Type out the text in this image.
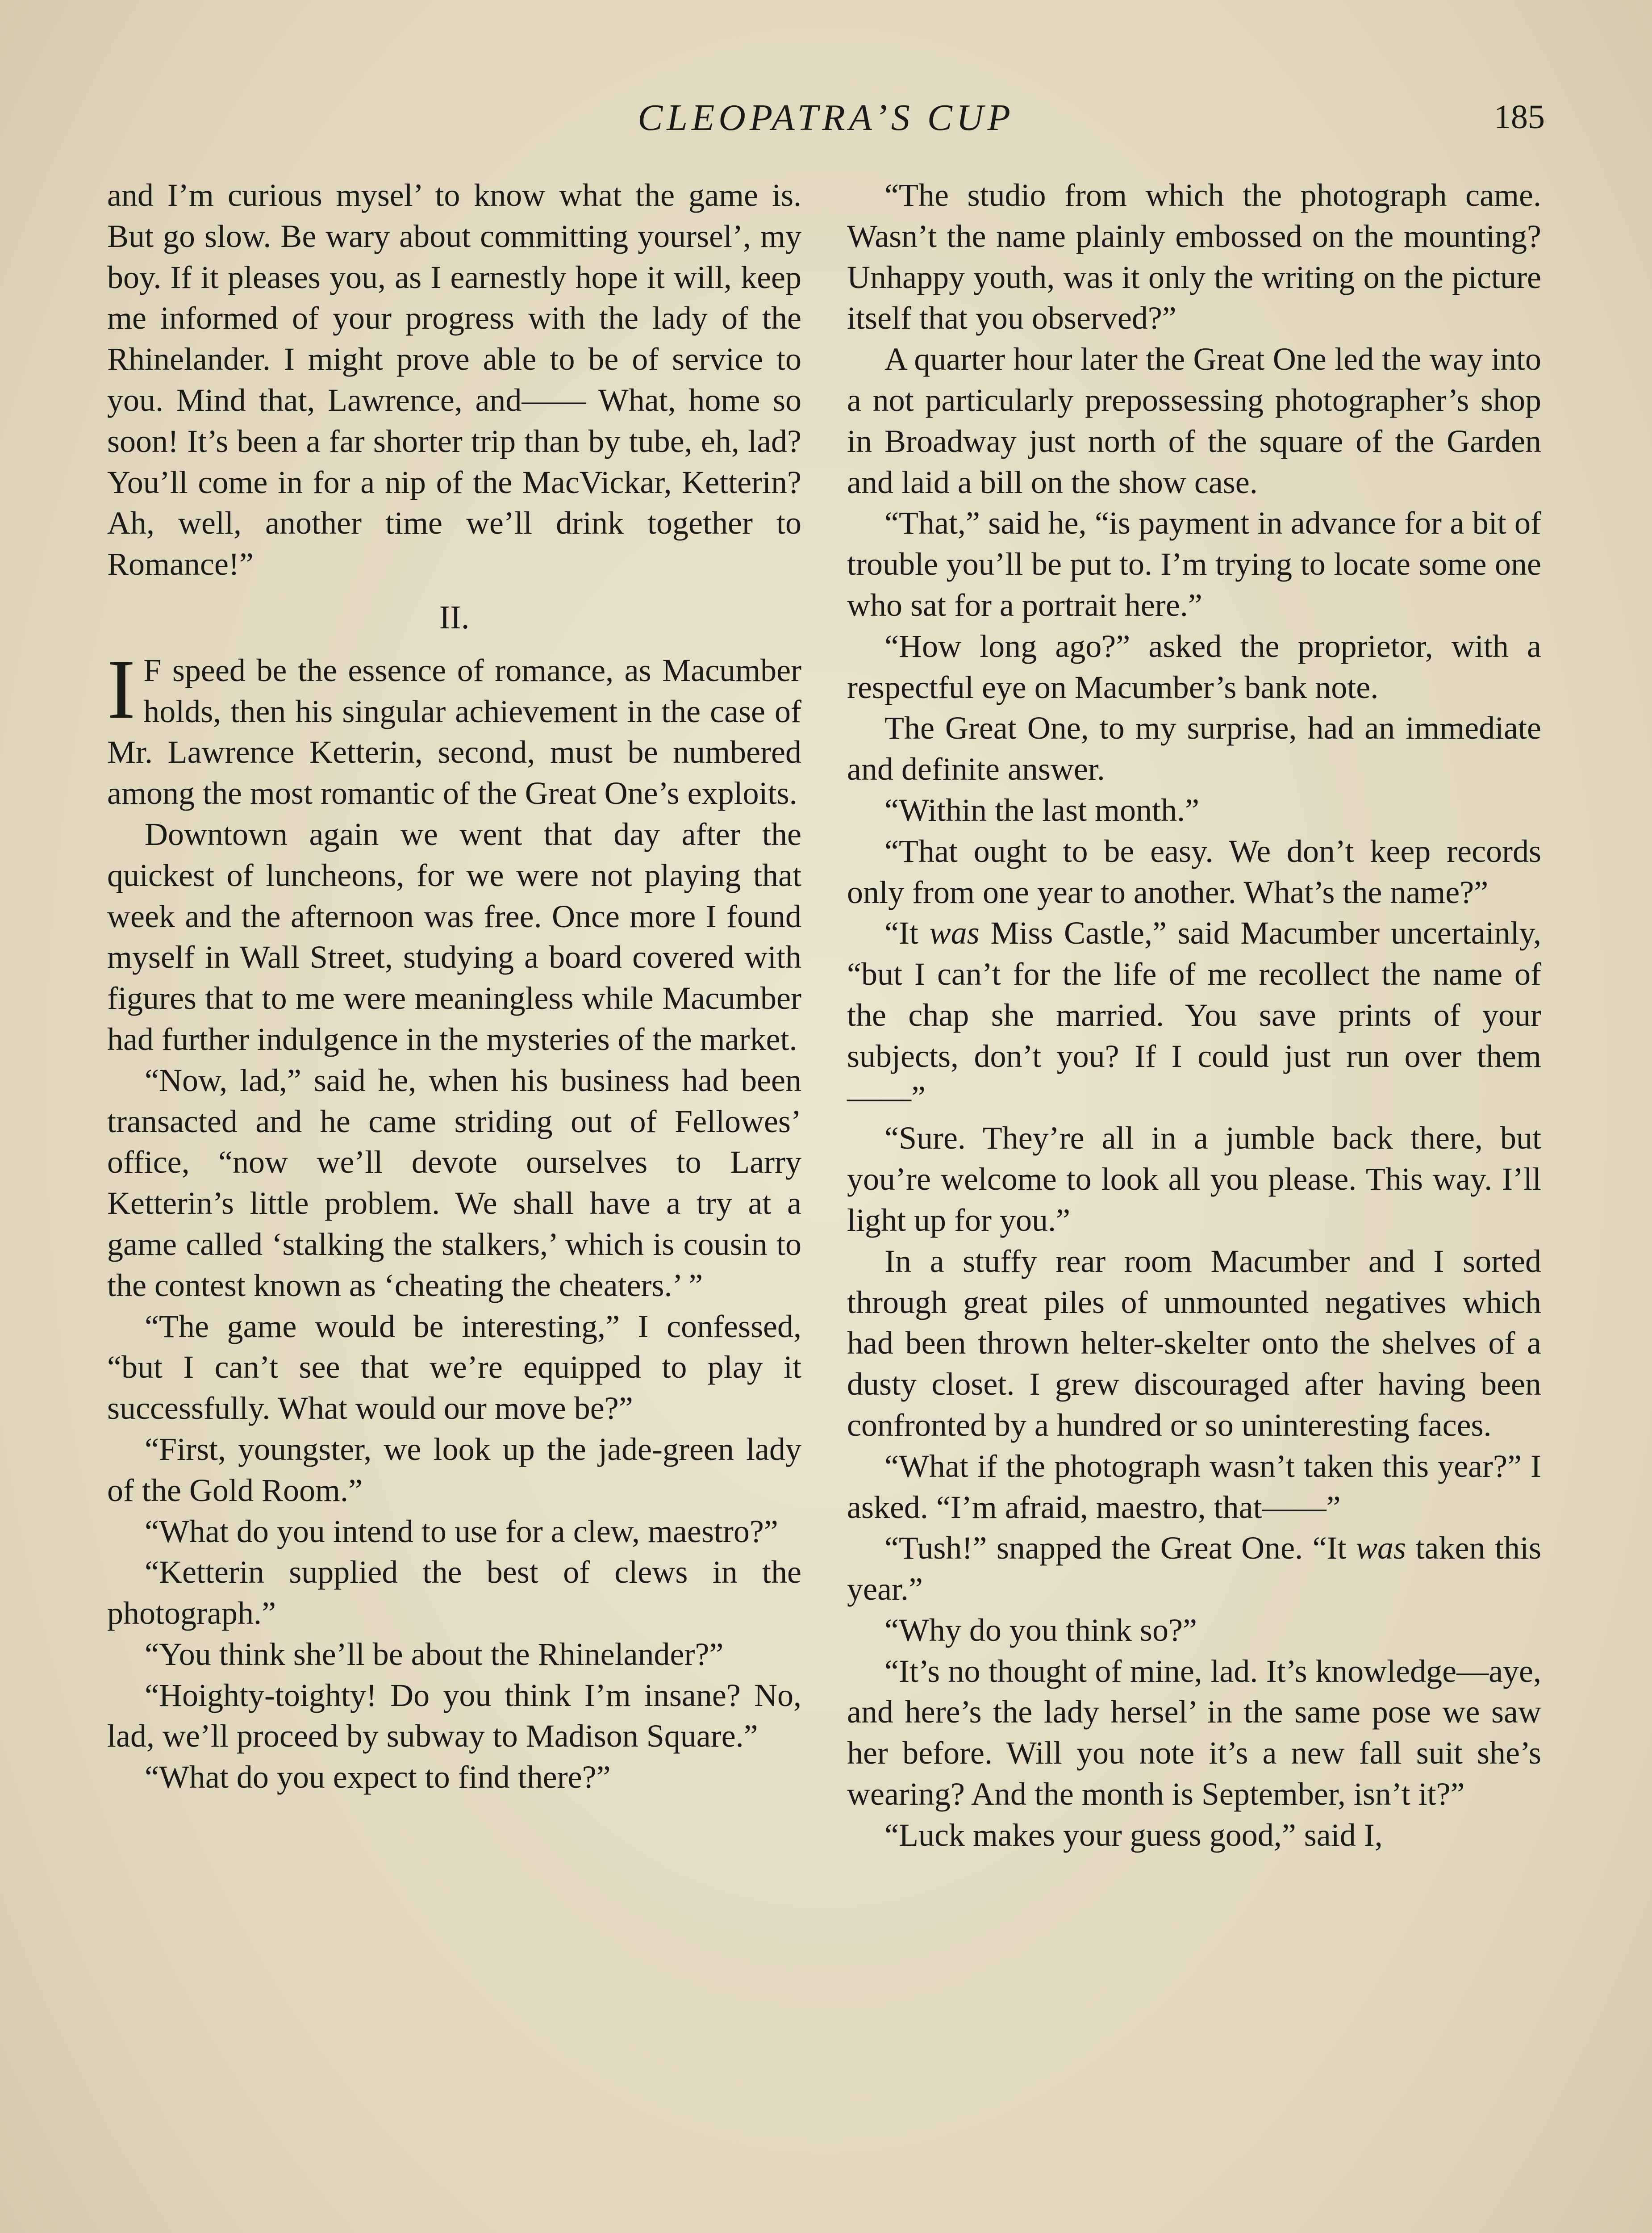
CLEOPATRA’S CUP	185

and I’m curious mysel’ to know what the game is. But go slow. Be wary about committing yoursel’, my boy. If it pleases you, as I earnestly hope it will, keep me informed of your progress with the lady of the Rhinelander. I might prove able to be of service to you. Mind that, Lawrence, and—— What, home so soon! It’s been a far shorter trip than by tube, eh, lad? You’ll come in for a nip of the MacVickar, Ketterin? Ah, well, another time we’ll drink together to Romance!”

II.

I F speed be the essence of romance, as Macumber holds, then his singular achievement in the case of Mr. Lawrence Ketterin, second, must be numbered among the most romantic of the Great One’s exploits.

Downtown again we went that day after the quickest of luncheons, for we were not playing that week and the afternoon was free. Once more I found myself in Wall Street, studying a board covered with figures that to me were meaningless while Macumber had further indulgence in the mysteries of the market.

“Now, lad,” said he, when his business had been transacted and he came striding out of Fellowes’ office, “now we’ll devote ourselves to Larry Ketterin’s little problem. We shall have a try at a game called ‘stalking the stalkers,’ which is cousin to the contest known as ‘cheating the cheaters.’ ”

“The game would be interesting,” I confessed, “but I can’t see that we’re equipped to play it successfully. What would our move be?”

“First, youngster, we look up the jade-green lady of the Gold Room.”

“What do you intend to use for a clew, maestro?”

“Ketterin supplied the best of clews in the photograph.”

“You think she’ll be about the Rhinelander?”

“Hoighty-toighty! Do you think I’m insane? No, lad, we’ll proceed by subway to Madison Square.”

“What do you expect to find there?”

“The studio from which the photograph came. Wasn’t the name plainly embossed on the mounting? Unhappy youth, was it only the writing on the picture itself that you observed?”

A quarter hour later the Great One led the way into a not particularly prepossessing photographer’s shop in Broadway just north of the square of the Garden and laid a bill on the show case.

“That,” said he, “is payment in advance for a bit of trouble you’ll be put to. I’m trying to locate some one who sat for a portrait here.”

“How long ago?” asked the proprietor, with a respectful eye on Macumber’s bank note.

The Great One, to my surprise, had an immediate and definite answer.

“Within the last month.”

“That ought to be easy. We don’t keep records only from one year to another. What’s the name?”

“It was Miss Castle,” said Macumber uncertainly, “but I can’t for the life of me recollect the name of the chap she married. You save prints of your subjects, don’t you? If I could just run over them——”

“Sure. They’re all in a jumble back there, but you’re welcome to look all you please. This way. I’ll light up for you.”

In a stuffy rear room Macumber and I sorted through great piles of unmounted negatives which had been thrown helter-skelter onto the shelves of a dusty closet. I grew discouraged after having been confronted by a hundred or so uninteresting faces.

“What if the photograph wasn’t taken this year?” I asked. “I’m afraid, maestro, that——”

“Tush!” snapped the Great One. “It was taken this year.”

“Why do you think so?”

“It’s no thought of mine, lad. It’s knowledge—aye, and here’s the lady hersel’ in the same pose we saw her before. Will you note it’s a new fall suit she’s wearing? And the month is September, isn’t it?”

“Luck makes your guess good,” said I,
